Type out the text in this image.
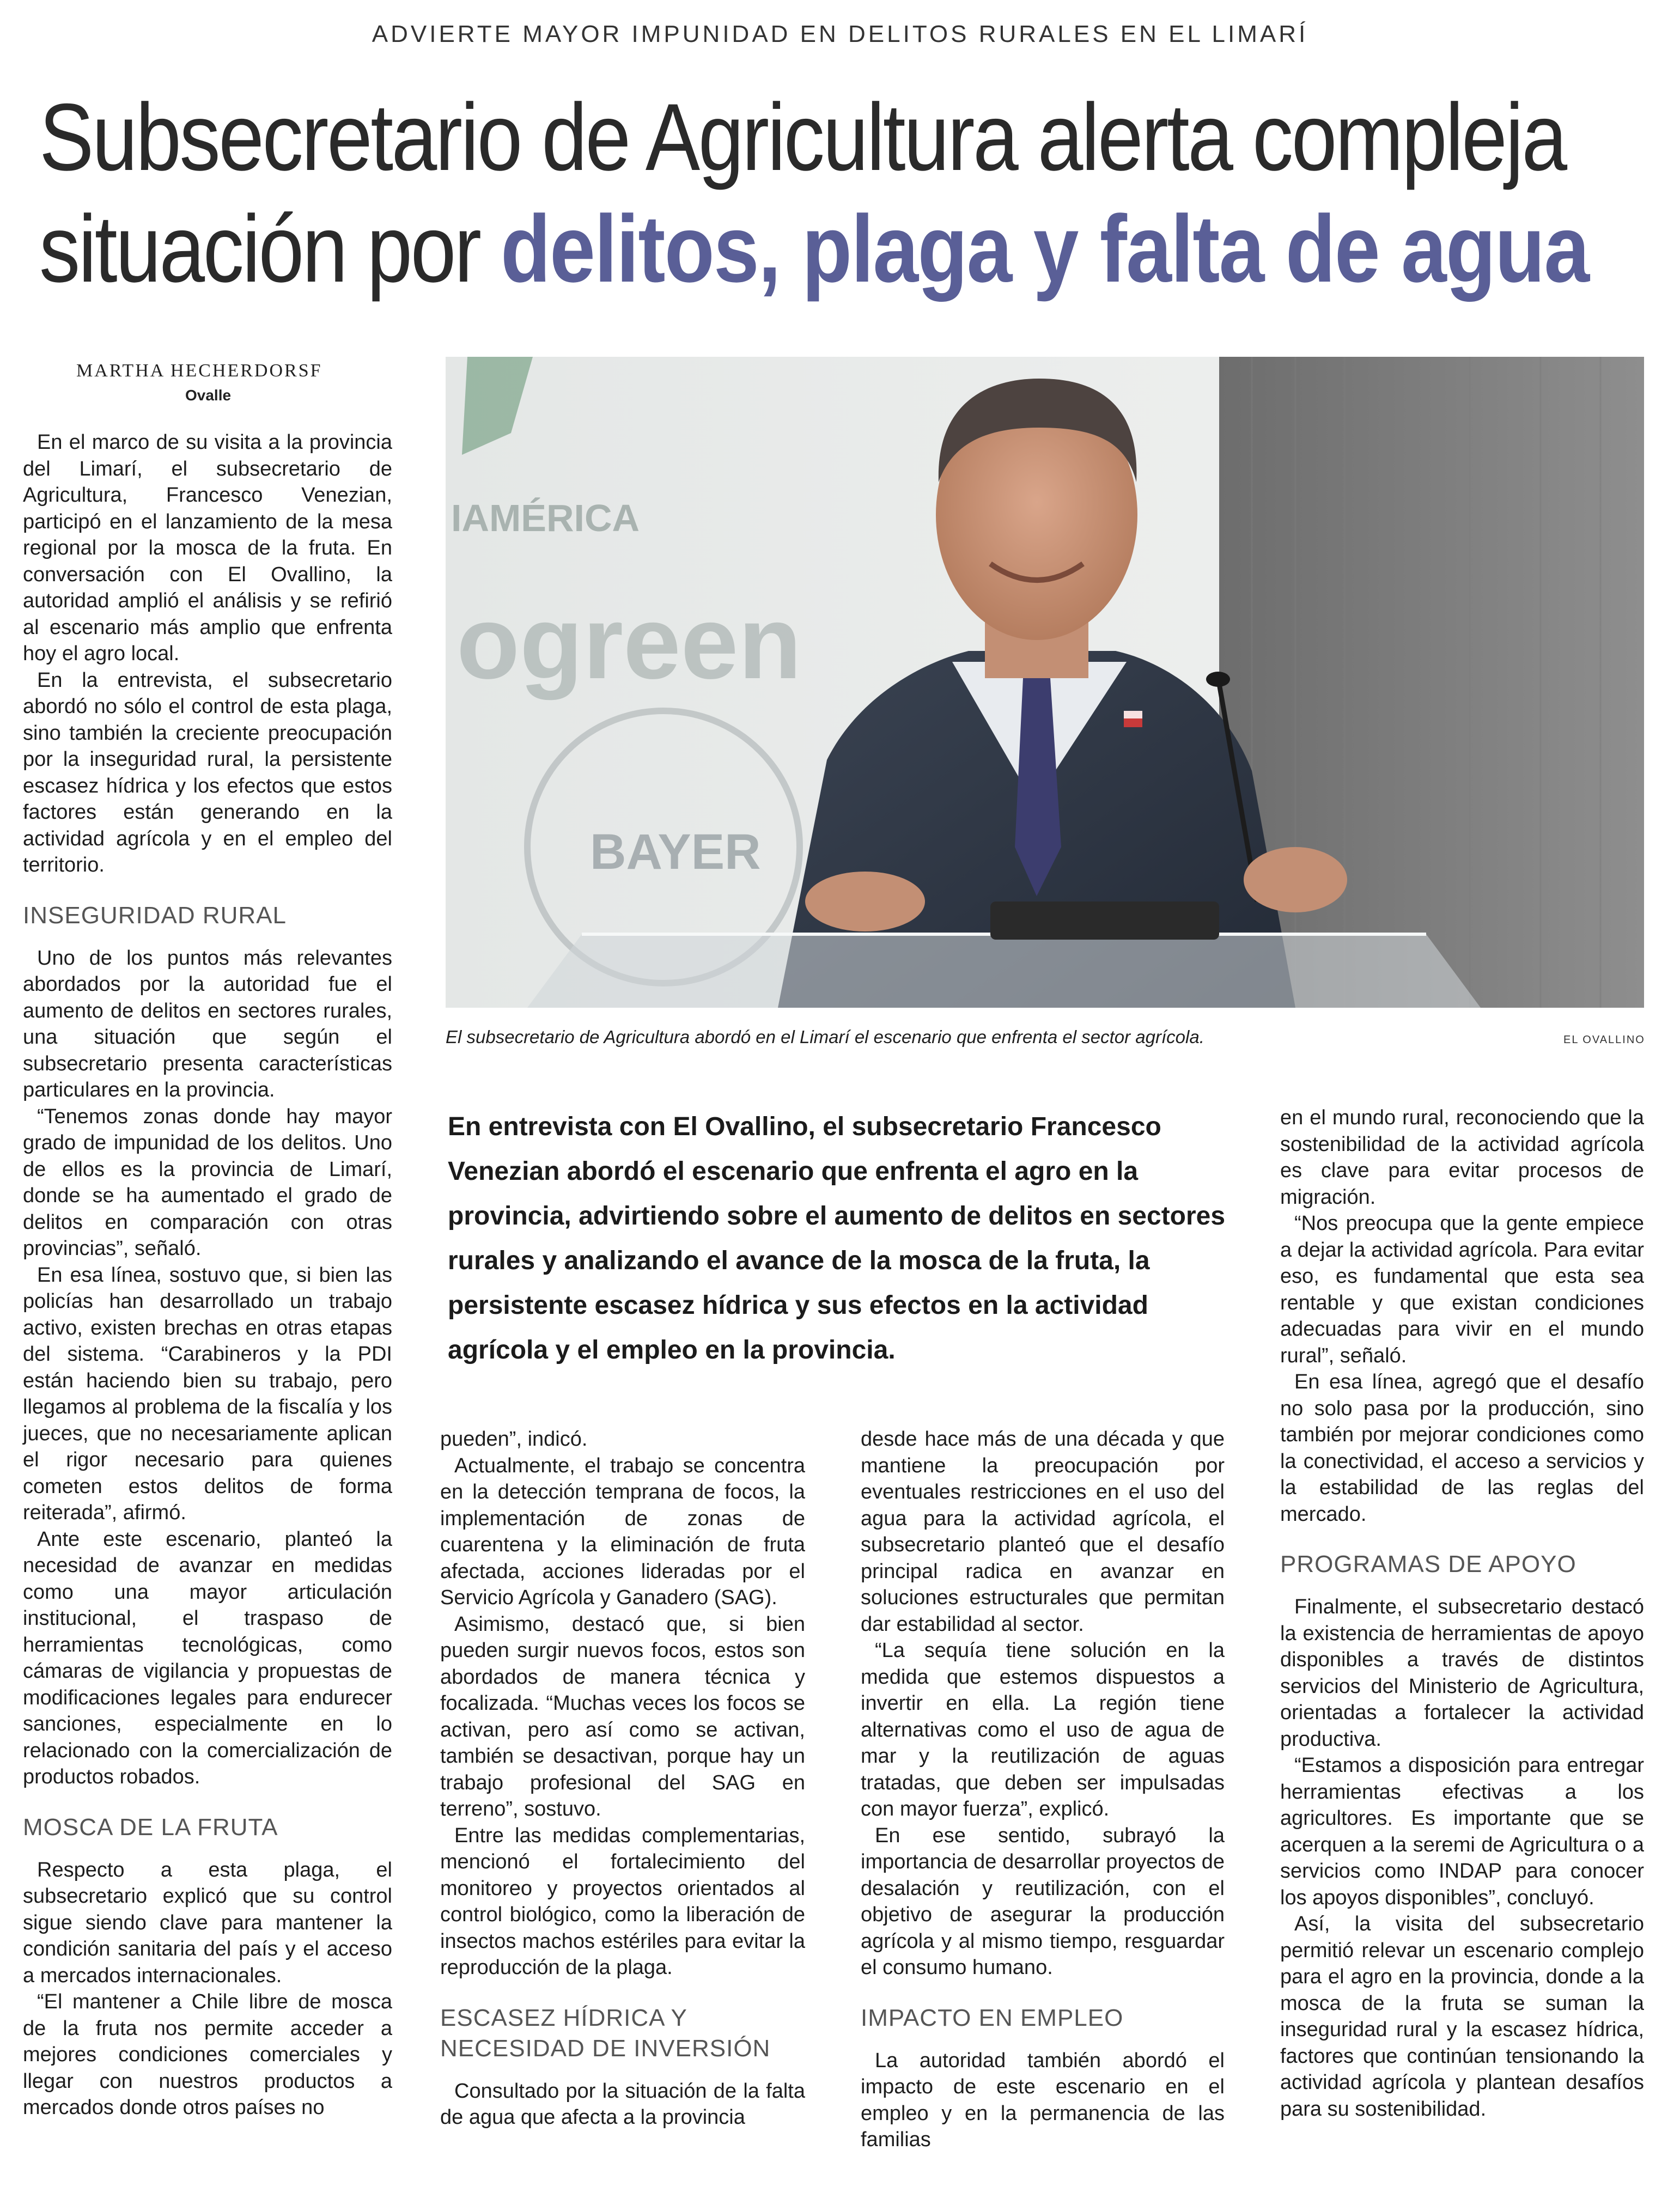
ADVIERTE MAYOR IMPUNIDAD EN DELITOS RURALES EN EL LIMARÍ
Subsecretario de Agricultura alerta compleja
situación por delitos, plaga y falta de agua
MARTHA HECHERDORSF
Ovalle

En el marco de su visita a la provincia del Limarí, el subsecretario de Agricultura, Francesco Venezian, participó en el lanzamiento de la mesa regional por la mosca de la fruta. En conversación con El Ovallino, la autoridad amplió el análisis y se refirió al escenario más amplio que enfrenta hoy el agro local.

En la entrevista, el subsecretario abordó no sólo el control de esta plaga, sino también la creciente preocupación por la inseguridad rural, la persistente escasez hídrica y los efectos que estos factores están generando en la actividad agrícola y en el empleo del territorio.

INSEGURIDAD RURAL

Uno de los puntos más relevantes abordados por la autoridad fue el aumento de delitos en sectores rurales, una situación que según el subsecretario presenta características particulares en la provincia.

“Tenemos zonas donde hay mayor grado de impunidad de los delitos. Uno de ellos es la provincia de Limarí, donde se ha aumentado el grado de delitos en comparación con otras provincias”, señaló.

En esa línea, sostuvo que, si bien las policías han desarrollado un trabajo activo, existen brechas en otras etapas del sistema. “Carabineros y la PDI están haciendo bien su trabajo, pero llegamos al problema de la fiscalía y los jueces, que no necesariamente aplican el rigor necesario para quienes cometen estos delitos de forma reiterada”, afirmó.

Ante este escenario, planteó la necesidad de avanzar en medidas como una mayor articulación institucional, el traspaso de herramientas tecnológicas, como cámaras de vigilancia y propuestas de modificaciones legales para endurecer sanciones, especialmente en lo relacionado con la comercialización de productos robados.

MOSCA DE LA FRUTA

Respecto a esta plaga, el subsecretario explicó que su control sigue siendo clave para mantener la condición sanitaria del país y el acceso a mercados internacionales.

“El mantener a Chile libre de mosca de la fruta nos permite acceder a mejores condiciones comerciales y llegar con nuestros productos a mercados donde otros países no

IAMÉRICA
ogreen
BAYER
El subsecretario de Agricultura abordó en el Limarí el escenario que enfrenta el sector agrícola.	EL OVALLINO
En entrevista con El Ovallino, el subsecretario Francesco Venezian abordó el escenario que enfrenta el agro en la provincia, advirtiendo sobre el aumento de delitos en sectores rurales y analizando el avance de la mosca de la fruta, la persistente escasez hídrica y sus efectos en la actividad agrícola y el empleo en la provincia.

pueden”, indicó.

Actualmente, el trabajo se concentra en la detección temprana de focos, la implementación de zonas de cuarentena y la eliminación de fruta afectada, acciones lideradas por el Servicio Agrícola y Ganadero (SAG).

Asimismo, destacó que, si bien pueden surgir nuevos focos, estos son abordados de manera técnica y focalizada. “Muchas veces los focos se activan, pero así como se activan, también se desactivan, porque hay un trabajo profesional del SAG en terreno”, sostuvo.

Entre las medidas complementarias, mencionó el fortalecimiento del monitoreo y proyectos orientados al control biológico, como la liberación de insectos machos estériles para evitar la reproducción de la plaga.

ESCASEZ HÍDRICA Y
NECESIDAD DE INVERSIÓN

Consultado por la situación de la falta de agua que afecta a la provincia

desde hace más de una década y que mantiene la preocupación por eventuales restricciones en el uso del agua para la actividad agrícola, el subsecretario planteó que el desafío principal radica en avanzar en soluciones estructurales que permitan dar estabilidad al sector.

“La sequía tiene solución en la medida que estemos dispuestos a invertir en ella. La región tiene alternativas como el uso de agua de mar y la reutilización de aguas tratadas, que deben ser impulsadas con mayor fuerza”, explicó.

En ese sentido, subrayó la importancia de desarrollar proyectos de desalación y reutilización, con el objetivo de asegurar la producción agrícola y al mismo tiempo, resguardar el consumo humano.

IMPACTO EN EMPLEO

La autoridad también abordó el impacto de este escenario en el empleo y en la permanencia de las familias

en el mundo rural, reconociendo que la sostenibilidad de la actividad agrícola es clave para evitar procesos de migración.

“Nos preocupa que la gente empiece a dejar la actividad agrícola. Para evitar eso, es fundamental que esta sea rentable y que existan condiciones adecuadas para vivir en el mundo rural”, señaló.

En esa línea, agregó que el desafío no solo pasa por la producción, sino también por mejorar condiciones como la conectividad, el acceso a servicios y la estabilidad de las reglas del mercado.

PROGRAMAS DE APOYO

Finalmente, el subsecretario destacó la existencia de herramientas de apoyo disponibles a través de distintos servicios del Ministerio de Agricultura, orientadas a fortalecer la actividad productiva.

“Estamos a disposición para entregar herramientas efectivas a los agricultores. Es importante que se acerquen a la seremi de Agricultura o a servicios como INDAP para conocer los apoyos disponibles”, concluyó.

Así, la visita del subsecretario permitió relevar un escenario complejo para el agro en la provincia, donde a la mosca de la fruta se suman la inseguridad rural y la escasez hídrica, factores que continúan tensionando la actividad agrícola y plantean desafíos para su sostenibilidad.
